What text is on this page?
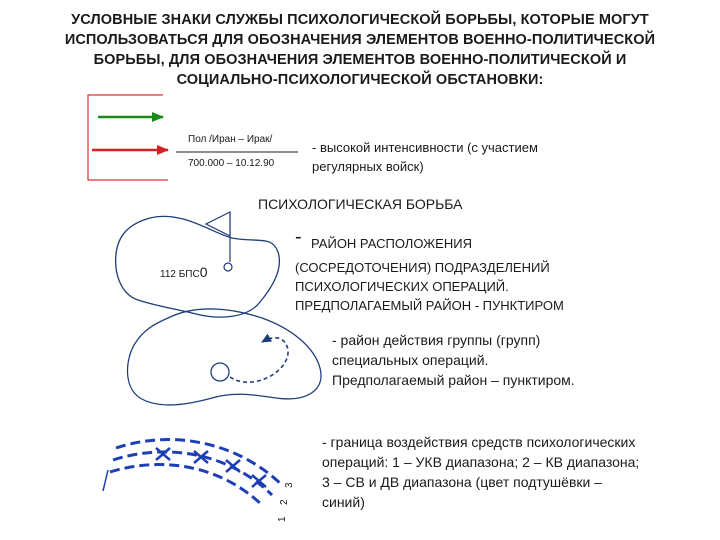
УСЛОВНЫЕ ЗНАКИ СЛУЖБЫ ПСИХОЛОГИЧЕСКОЙ БОРЬБЫ, КОТОРЫЕ МОГУТ
ИСПОЛЬЗОВАТЬСЯ ДЛЯ ОБОЗНАЧЕНИЯ ЭЛЕМЕНТОВ ВОЕННО-ПОЛИТИЧЕСКОЙ
БОРЬБЫ, ДЛЯ ОБОЗНАЧЕНИЯ ЭЛЕМЕНТОВ ВОЕННО-ПОЛИТИЧЕСКОЙ И
СОЦИАЛЬНО-ПСИХОЛОГИЧЕСКОЙ ОБСТАНОВКИ:
1
2
3
Пол /Иран – Ирак/
700.000 – 10.12.90
- высокой интенсивности (с участием
регулярных войск)
ПСИХОЛОГИЧЕСКАЯ БОРЬБА
112 БПС0
- РАЙОН РАСПОЛОЖЕНИЯ
(СОСРЕДОТОЧЕНИЯ) ПОДРАЗДЕЛЕНИЙ
ПСИХОЛОГИЧЕСКИХ ОПЕРАЦИЙ.
ПРЕДПОЛАГАЕМЫЙ РАЙОН - ПУНКТИРОМ
- район действия группы (групп)
специальных операций.
Предполагаемый район – пунктиром.
- граница воздействия средств психологических
операций: 1 – УКВ диапазона; 2 – КВ диапазона;
3 – СВ и ДВ диапазона (цвет подтушёвки –
синий)
